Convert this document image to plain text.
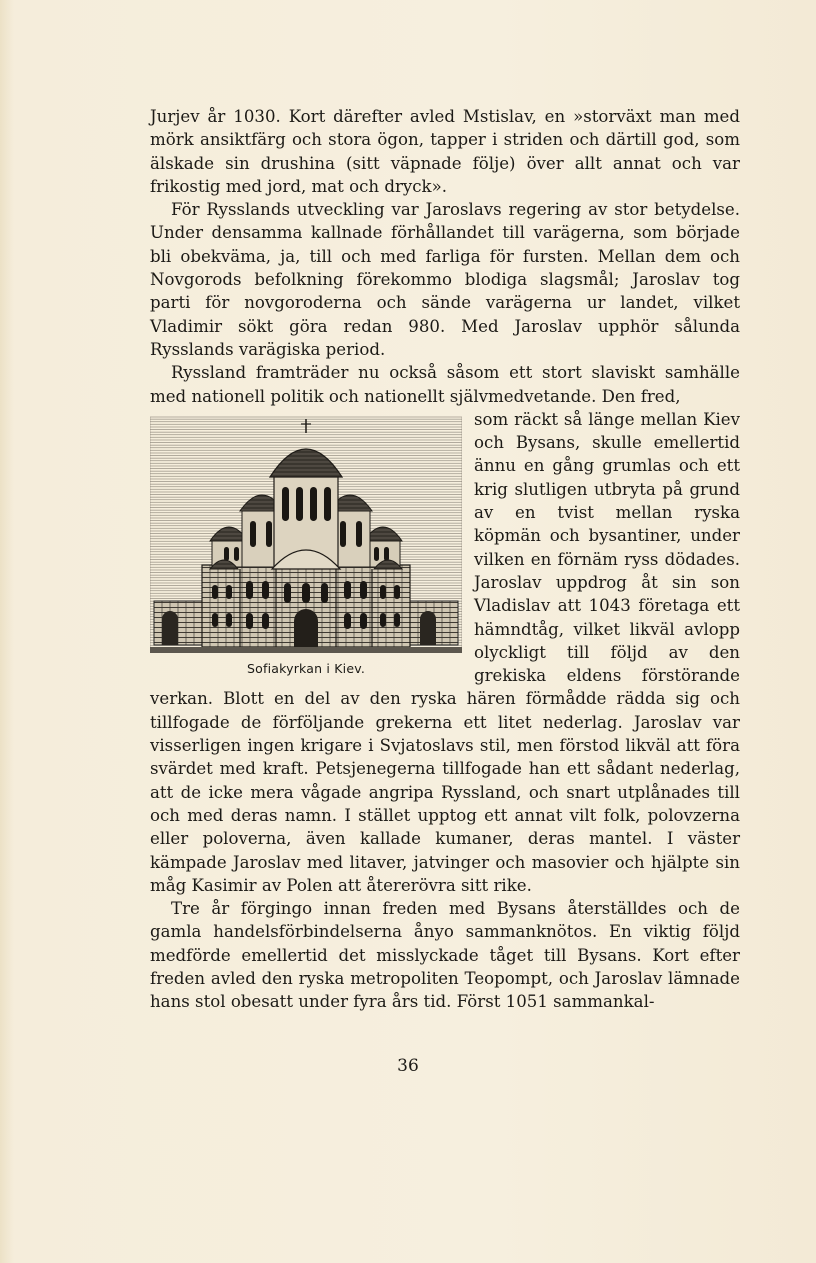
Jurjev år 1030. Kort därefter avled Mstislav, en »storväxt man med mörk ansiktfärg och stora ögon, tapper i striden och därtill god, som älskade sin drushina (sitt väpnade följe) över allt annat och var frikostig med jord, mat och dryck».

För Rysslands utveckling var Jaroslavs regering av stor betydelse. Under densamma kallnade förhållandet till varägerna, som började bli obekväma, ja, till och med farliga för fursten. Mellan dem och Novgorods befolkning förekommo blodiga slagsmål; Jaroslav tog parti för novgoroderna och sände varägerna ur landet, vilket Vladimir sökt göra redan 980. Med Jaroslav upphör sålunda Rysslands varägiska period.

Ryssland framträder nu också såsom ett stort slaviskt samhälle med nationell politik och nationellt självmedvetande. Den fred,

Sofiakyrkan i Kiev.

som räckt så länge mellan Kiev och Bysans, skulle emellertid ännu en gång grumlas och ett krig slutligen utbryta på grund av en tvist mellan ryska köpmän och bysantiner, under vilken en förnäm ryss dödades. Jaroslav uppdrog åt sin son Vladislav att 1043 företaga ett hämndtåg, vilket likväl avlopp olyckligt till följd av den grekiska eldens förstörande verkan. Blott en del av den ryska hären förmådde rädda sig och tillfogade de förföljande grekerna ett litet nederlag. Jaroslav var visserligen ingen krigare i Svjatoslavs stil, men förstod likväl att föra svärdet med kraft. Petsjenegerna tillfogade han ett sådant nederlag, att de icke mera vågade angripa Ryssland, och snart utplånades till och med deras namn. I stället upptog ett annat vilt folk, polovzerna eller poloverna, även kallade kumaner, deras mantel. I väster kämpade Jaroslav med litaver, jatvinger och masovier och hjälpte sin måg Kasimir av Polen att återerövra sitt rike.

Tre år förgingo innan freden med Bysans återställdes och de gamla handelsförbindelserna ånyo sammanknötos. En viktig följd medförde emellertid det misslyckade tåget till Bysans. Kort efter freden avled den ryska metropoliten Teopompt, och Jaroslav lämnade hans stol obesatt under fyra års tid. Först 1051 sammankal-

36
